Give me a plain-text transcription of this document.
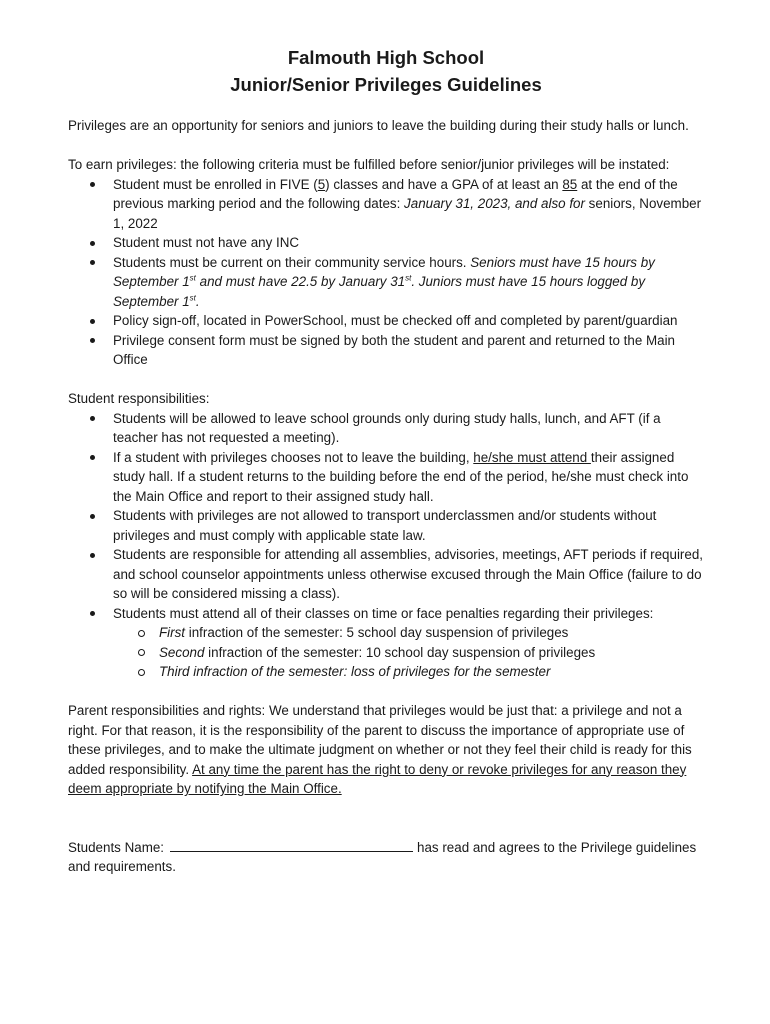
Falmouth High School
Junior/Senior Privileges Guidelines

Privileges are an opportunity for seniors and juniors to leave the building during their study halls or lunch.

To earn privileges: the following criteria must be fulfilled before senior/junior privileges will be instated:

Student must be enrolled in FIVE (5) classes and have a GPA of at least an 85 at the end of the previous marking period and the following dates: January 31, 2023, and also for seniors, November 1, 2022
Student must not have any INC
Students must be current on their community service hours. Seniors must have 15 hours by September 1st and must have 22.5 by January 31st. Juniors must have 15 hours logged by September 1st.
Policy sign-off, located in PowerSchool, must be checked off and completed by parent/guardian
Privilege consent form must be signed by both the student and parent and returned to the Main Office

Student responsibilities:

Students will be allowed to leave school grounds only during study halls, lunch, and AFT (if a teacher has not requested a meeting).
If a student with privileges chooses not to leave the building, he/she must attend their assigned study hall. If a student returns to the building before the end of the period, he/she must check into the Main Office and report to their assigned study hall.
Students with privileges are not allowed to transport underclassmen and/or students without privileges and must comply with applicable state law.
Students are responsible for attending all assemblies, advisories, meetings, AFT periods if required, and school counselor appointments unless otherwise excused through the Main Office (failure to do so will be considered missing a class).
Students must attend all of their classes on time or face penalties regarding their privileges:
First infraction of the semester: 5 school day suspension of privileges
Second infraction of the semester: 10 school day suspension of privileges
Third infraction of the semester: loss of privileges for the semester

Parent responsibilities and rights: We understand that privileges would be just that: a privilege and not a right. For that reason, it is the responsibility of the parent to discuss the importance of appropriate use of these privileges, and to make the ultimate judgment on whether or not they feel their child is ready for this added responsibility. At any time the parent has the right to deny or revoke privileges for any reason they deem appropriate by notifying the Main Office.

Students Name:	has read and agrees to the Privilege guidelines and requirements.
